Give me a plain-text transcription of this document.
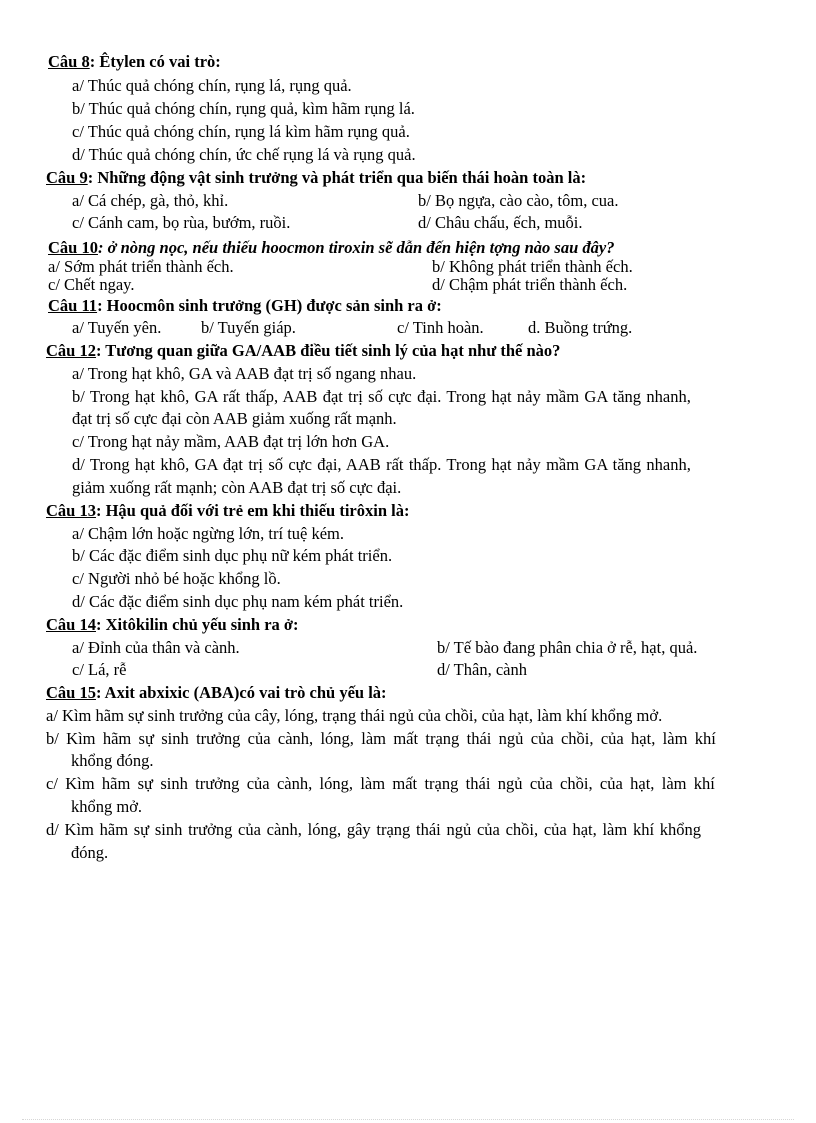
Câu 8: Êtylen có vai trò:
a/ Thúc quả chóng chín, rụng lá, rụng quả.
b/ Thúc quả chóng chín, rụng quả, kìm hãm rụng lá.
c/ Thúc quả chóng chín, rụng lá kìm hãm rụng quả.
d/ Thúc quả chóng chín, ức chế rụng lá và rụng quả.
Câu 9: Những động vật sinh trưởng và phát triển qua biến thái hoàn toàn là:
a/ Cá chép, gà, thỏ, khỉ.	b/ Bọ ngựa, cào cào, tôm, cua.
c/ Cánh cam, bọ rùa, bướm, ruồi.	d/ Châu chấu, ếch, muỗi.
Câu 10: ở nòng nọc, nếu thiếu hoocmon tiroxin sẽ dẫn đến hiện tợng nào sau đây?
a/ Sớm phát triển thành ếch.	b/ Không phát triển thành ếch.
c/ Chết ngay.	d/ Chậm phát triển thành ếch.
Câu 11: Hoocmôn sinh trưởng (GH) được sản sinh ra ở:
a/ Tuyến yên. b/ Tuyến giáp.	c/ Tinh hoàn.	d. Buồng trứng.
Câu 12: Tương quan giữa GA/AAB điều tiết sinh lý của hạt như thế nào?
a/ Trong hạt khô, GA và AAB đạt trị số ngang nhau.
b/ Trong hạt khô, GA rất thấp, AAB đạt trị số cực đại. Trong hạt nảy mầm GA tăng nhanh,
đạt trị số cực đại còn AAB giảm xuống rất mạnh.
c/ Trong hạt nảy mầm, AAB đạt trị lớn hơn GA.
d/ Trong hạt khô, GA đạt trị số cực đại, AAB rất thấp. Trong hạt nảy mầm GA tăng nhanh,
giảm xuống rất mạnh; còn AAB đạt trị số cực đại.
Câu 13: Hậu quả đối với trẻ em khi thiếu tirôxin là:
a/ Chậm lớn hoặc ngừng lớn, trí tuệ kém.
b/ Các đặc điểm sinh dục phụ nữ kém phát triển.
c/ Người nhỏ bé hoặc khổng lồ.
d/ Các đặc điểm sinh dục phụ nam kém phát triển.
Câu 14: Xitôkilin chủ yếu sinh ra ở:
a/ Đỉnh của thân và cành.	b/ Tế bào đang phân chia ở rễ, hạt, quả.
c/ Lá, rễ	d/ Thân, cành
Câu 15: Axit abxixic (ABA)có vai trò chủ yếu là:
a/ Kìm hãm sự sinh trưởng của cây, lóng, trạng thái ngủ của chồi, của hạt, làm khí khổng mở.
b/ Kìm hãm sự sinh trưởng của cành, lóng, làm mất trạng thái ngủ của chồi, của hạt, làm khí
khổng đóng.
c/ Kìm hãm sự sinh trưởng của cành, lóng, làm mất trạng thái ngủ của chồi, của hạt, làm khí
khổng mở.
d/ Kìm hãm sự sinh trưởng của cành, lóng, gây trạng thái ngủ của chồi, của hạt, làm khí khổng
đóng.
